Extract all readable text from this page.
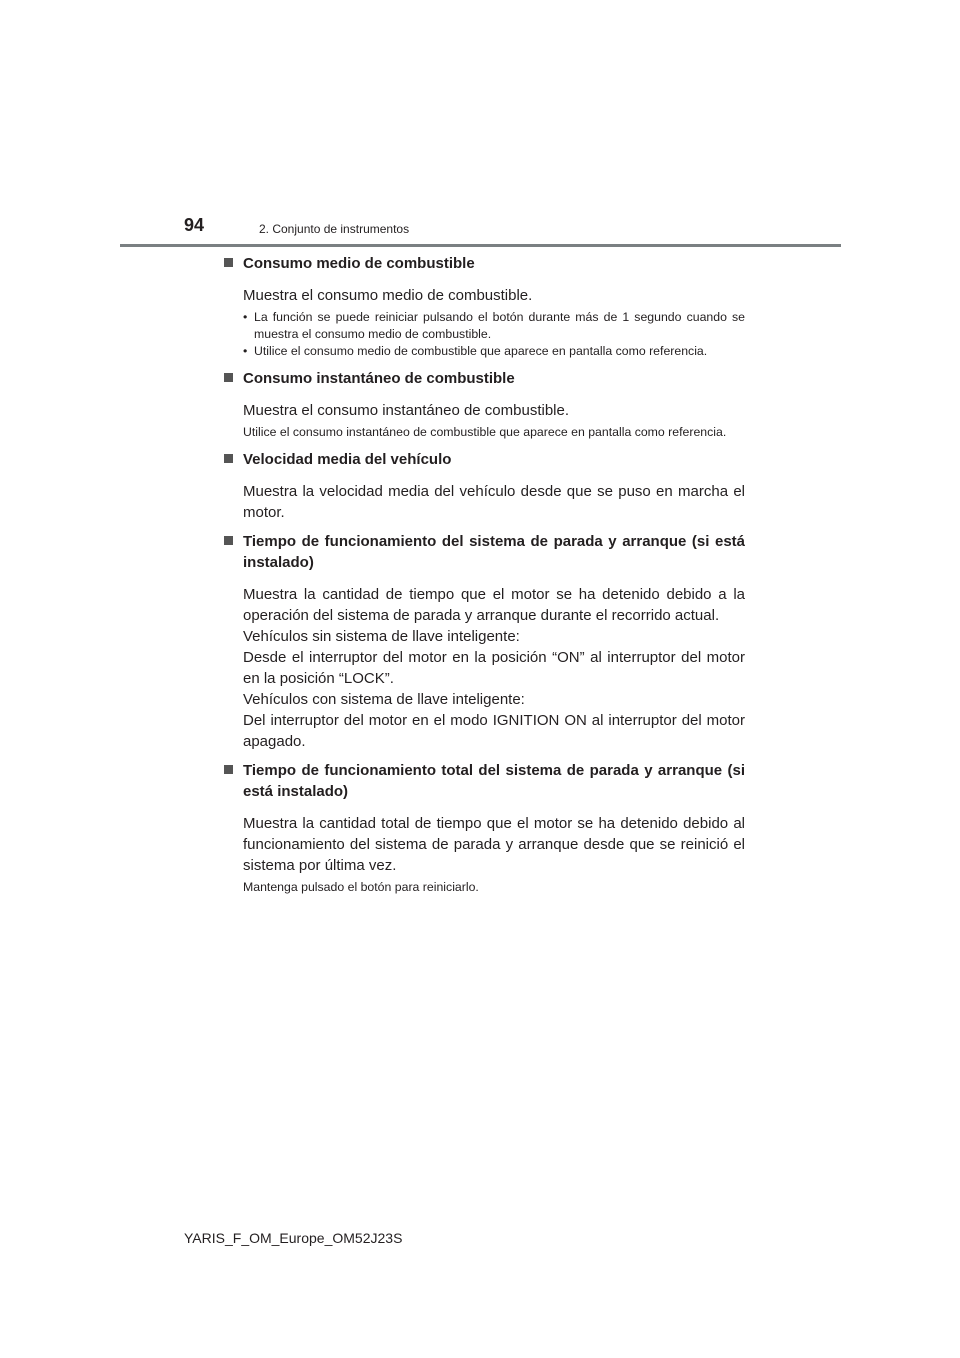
94	2. Conjunto de instrumentos
Consumo medio de combustible
Muestra el consumo medio de combustible.
• La función se puede reiniciar pulsando el botón durante más de 1 segundo cuando se muestra el consumo medio de combustible.
• Utilice el consumo medio de combustible que aparece en pantalla como referencia.
Consumo instantáneo de combustible
Muestra el consumo instantáneo de combustible.
Utilice el consumo instantáneo de combustible que aparece en pantalla como referencia.
Velocidad media del vehículo
Muestra la velocidad media del vehículo desde que se puso en marcha el motor.
Tiempo de funcionamiento del sistema de parada y arranque (si está instalado)
Muestra la cantidad de tiempo que el motor se ha detenido debido a la operación del sistema de parada y arranque durante el recorrido actual.
Vehículos sin sistema de llave inteligente:
Desde el interruptor del motor en la posición “ON” al interruptor del motor en la posición “LOCK”.
Vehículos con sistema de llave inteligente:
Del interruptor del motor en el modo IGNITION ON al interruptor del motor apagado.
Tiempo de funcionamiento total del sistema de parada y arranque (si está instalado)
Muestra la cantidad total de tiempo que el motor se ha detenido debido al funcionamiento del sistema de parada y arranque desde que se reinició el sistema por última vez.
Mantenga pulsado el botón para reiniciarlo.
YARIS_F_OM_Europe_OM52J23S
